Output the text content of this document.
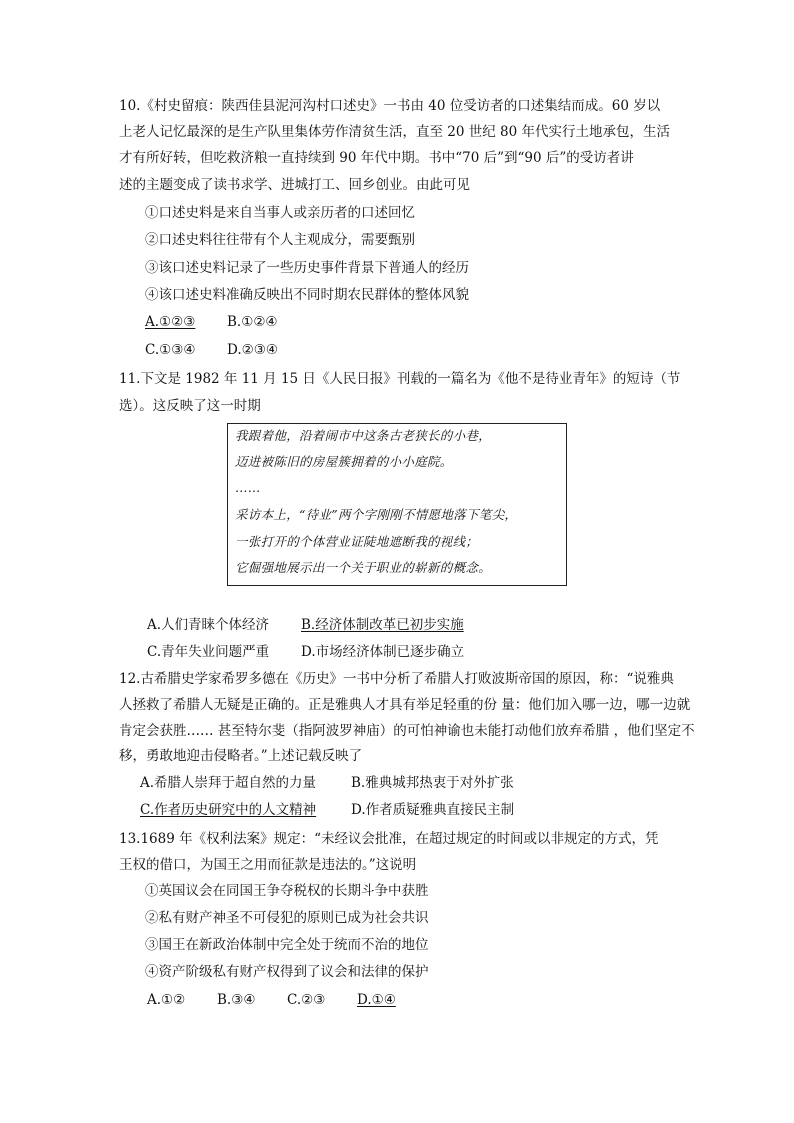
10.《村史留痕：陕西佳县泥河沟村口述史》一书由 40 位受访者的口述集结而成。60 岁以
上老人记忆最深的是生产队里集体劳作清贫生活，直至 20 世纪 80 年代实行土地承包，生活
才有所好转，但吃救济粮一直持续到 90 年代中期。书中“70 后”到“90 后”的受访者讲
述的主题变成了读书求学、进城打工、回乡创业。由此可见
①口述史料是来自当事人或亲历者的口述回忆
②口述史料往往带有个人主观成分，需要甄别
③该口述史料记录了一些历史事件背景下普通人的经历
④该口述史料准确反映出不同时期农民群体的整体风貌
A.①②③ B.①②④
C.①③④ D.②③④
11.下文是 1982 年 11 月 15 日《人民日报》刊载的一篇名为《他不是待业青年》的短诗（节
选）。这反映了这一时期
我跟着他，沿着闹市中这条古老狭长的小巷，
迈进被陈旧的房屋簇拥着的小小庭院。
……
采访本上，“待业”两个字刚刚不情愿地落下笔尖，
一张打开的个体营业证陡地遮断我的视线；
它倔强地展示出一个关于职业的崭新的概念。
A.人们青睐个体经济 B.经济体制改革已初步实施
C.青年失业问题严重 D.市场经济体制已逐步确立
12.古希腊史学家希罗多德在《历史》一书中分析了希腊人打败波斯帝国的原因，称：“说雅典
人拯救了希腊人无疑是正确的。正是雅典人才具有举足轻重的份 量：他们加入哪一边，哪一边就
肯定会获胜…… 甚至特尔斐（指阿波罗神庙）的可怕神谕也未能打动他们放弃希腊 ，他们坚定不
移，勇敢地迎击侵略者。”上述记载反映了
A.希腊人崇拜于超自然的力量	B.雅典城邦热衷于对外扩张
C.作者历史研究中的人文精神	D.作者质疑雅典直接民主制
13.1689 年《权利法案》规定：“未经议会批准，在超过规定的时间或以非规定的方式，凭
王权的借口，为国王之用而征款是违法的。”这说明
①英国议会在同国王争夺税权的长期斗争中获胜
②私有财产神圣不可侵犯的原则已成为社会共识
③国王在新政治体制中完全处于统而不治的地位
④资产阶级私有财产权得到了议会和法律的保护
A.①② B.③④ C.②③ D.①④
